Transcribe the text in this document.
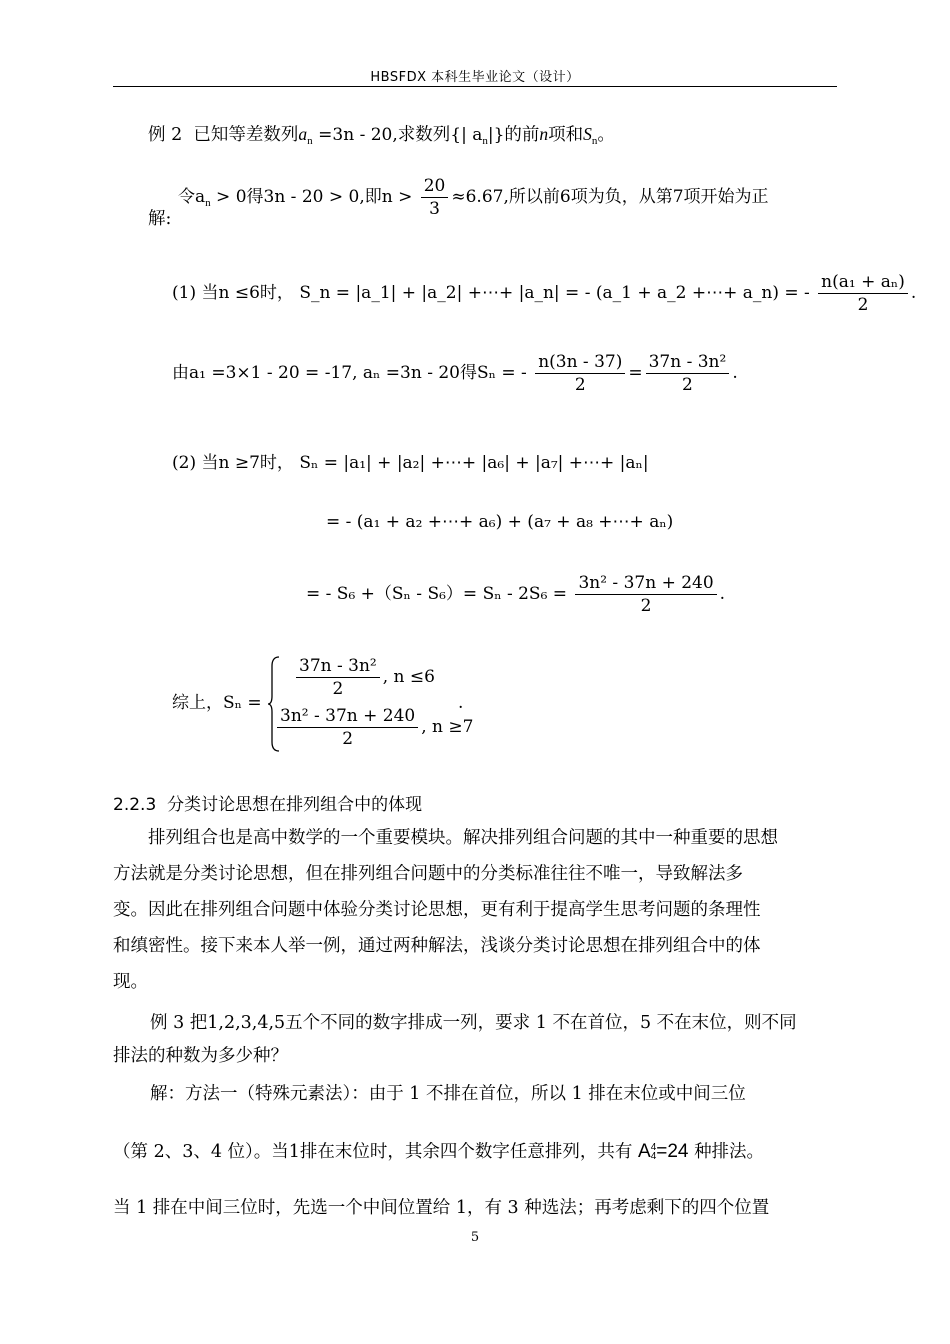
HBSFDX 本科生毕业论文（设计）
例 2 已知等差数列$a_n =3n - 20$,求数列{| $a_n|$}的前n项和$S_n$。
令$a_n > 0$得3n - 20 > 0,即$n > \frac{20}{3} \approx 6.67$,所以前6项为负，从第7项开始为正
解:
(1) 当n ≤6时， S_n = |a_1| + |a_2| +⋯+ |a_n| = - (a_1 + a_2 +⋯+ a_n) = - $\frac{\text{n(a₁ + aₙ)}}{2}$ .
由a₁ =3×1 - 20 = -17, aₙ =3n - 20得Sₙ = - $\frac{n(3n - 37)}{2} = \frac{\text{37n - 3n²}}{2}$ .
(2) 当n ≥7时， Sₙ = |a₁| + |a₂| +⋯+ |a₆| + |a₇| +⋯+ |aₙ|
= - (a₁ + a₂ +⋯+ a₆) + (a₇ + a₈ +⋯+ aₙ)
= - $S_6 +(S_n - S_6)= S_n - 2S_6 = \frac{\text{3n² - 37n + 240}}{2}$ .
综上，Sₙ =
$\frac{\text{37n - 3n²}}{2}$ , n ≤6
$\frac{\text{3n² - 37n + 240}}{2}$ , n ≥7
.
2.2.3 分类讨论思想在排列组合中的体现
排列组合也是高中数学的一个重要模块。解决排列组合问题的其中一种重要的思想
方法就是分类讨论思想，但在排列组合问题中的分类标准往往不唯一，导致解法多
变。因此在排列组合问题中体验分类讨论思想，更有利于提高学生思考问题的条理性
和缜密性。接下来本人举一例，通过两种解法，浅谈分类讨论思想在排列组合中的体
现。
例 3 把1,2,3,4,5五个不同的数字排成一列，要求 1 不在首位，5 不在末位，则不同
排法的种数为多少种？
解：方法一（特殊元素法）：由于 1 不排在首位，所以 1 排在末位或中间三位
（第 2、3、4 位）。当1排在末位时，其余四个数字任意排列，共有 A 4
4 =24 种排法。
当 1 排在中间三位时，先选一个中间位置给 1，有 3 种选法；再考虑剩下的四个位置
5
